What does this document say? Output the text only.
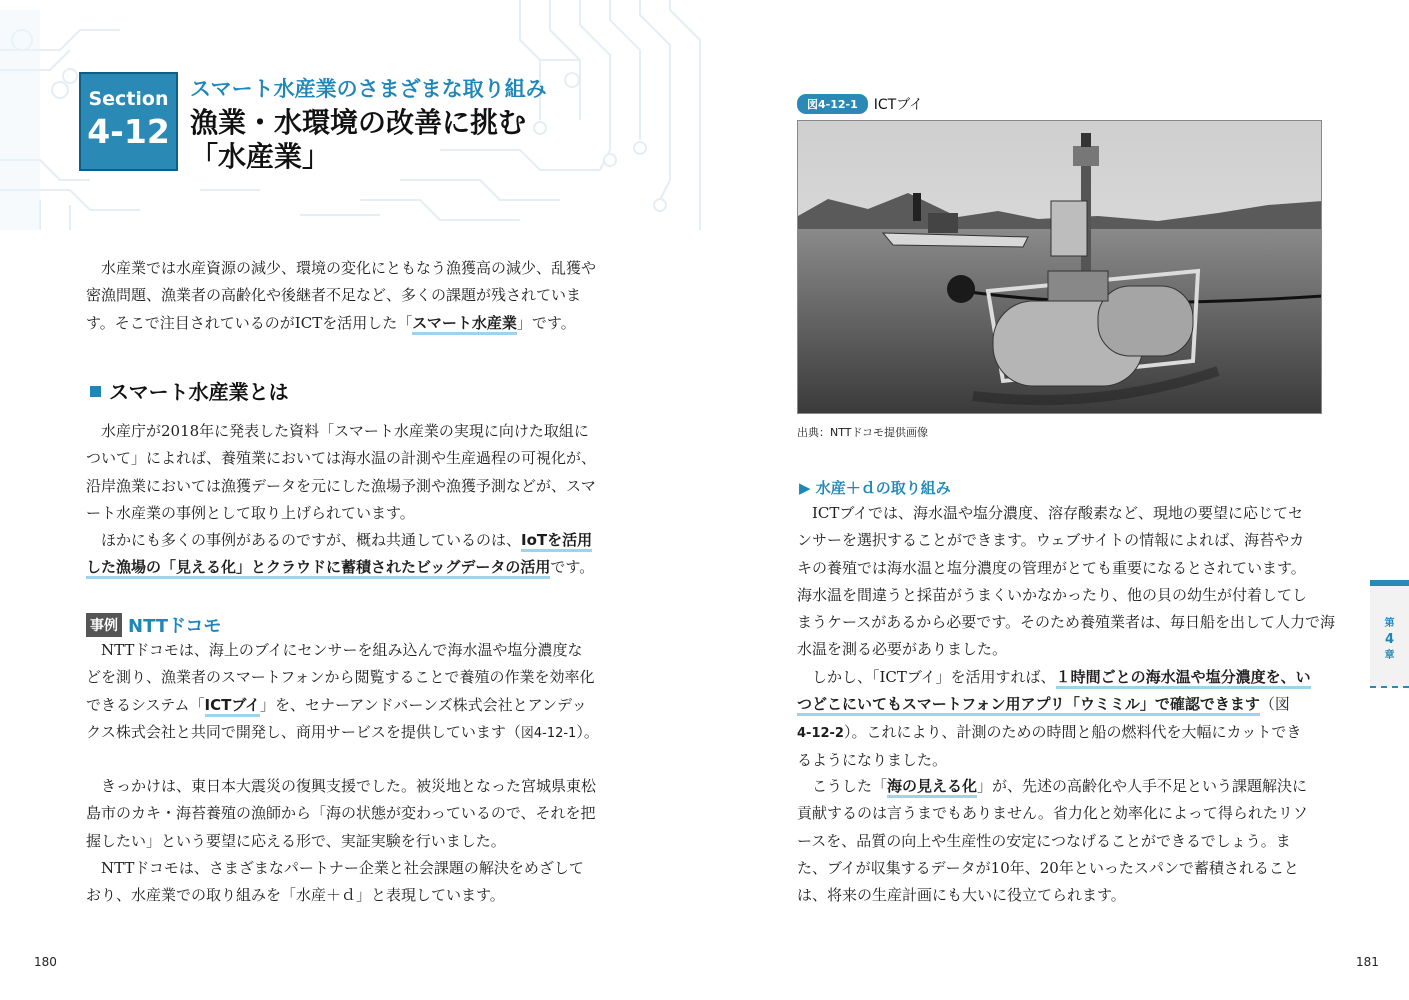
Section
4-12
スマート水産業のさまざまな取り組み
漁業・水環境の改善に挑む
「水産業」
　水産業では水産資源の減少、環境の変化にともなう漁獲高の減少、乱獲や
密漁問題、漁業者の高齢化や後継者不足など、多くの課題が残されていま
す。そこで注目されているのがICTを活用した「スマート水産業」です。
スマート水産業とは
　水産庁が2018年に発表した資料「スマート水産業の実現に向けた取組に
ついて」によれば、養殖業においては海水温の計測や生産過程の可視化が、
沿岸漁業においては漁獲データを元にした漁場予測や漁獲予測などが、スマ
ート水産業の事例として取り上げられています。
　ほかにも多くの事例があるのですが、概ね共通しているのは、IoTを活用
した漁場の「見える化」とクラウドに蓄積されたビッグデータの活用です。
事例 NTTドコモ
　NTTドコモは、海上のブイにセンサーを組み込んで海水温や塩分濃度な
どを測り、漁業者のスマートフォンから閲覧することで養殖の作業を効率化
できるシステム「ICTブイ」を、セナーアンドバーンズ株式会社とアンデッ
クス株式会社と共同で開発し、商用サービスを提供しています（図4-12-1）。
　きっかけは、東日本大震災の復興支援でした。被災地となった宮城県東松
島市のカキ・海苔養殖の漁師から「海の状態が変わっているので、それを把
握したい」という要望に応える形で、実証実験を行いました。
　NTTドコモは、さまざまなパートナー企業と社会課題の解決をめざして
おり、水産業での取り組みを「水産＋ｄ」と表現しています。
180
図4-12-1 ICTブイ
出典：NTTドコモ提供画像
▶ 水産＋ｄの取り組み
　ICTブイでは、海水温や塩分濃度、溶存酸素など、現地の要望に応じてセ
ンサーを選択することができます。ウェブサイトの情報によれば、海苔やカ
キの養殖では海水温と塩分濃度の管理がとても重要になるとされています。
海水温を間違うと採苗がうまくいかなかったり、他の貝の幼生が付着してし
まうケースがあるから必要です。そのため養殖業者は、毎日船を出して人力で海
水温を測る必要がありました。
　しかし、「ICTブイ」を活用すれば、１時間ごとの海水温や塩分濃度を、い
つどこにいてもスマートフォン用アプリ「ウミミル」で確認できます（図
4-12-2）。これにより、計測のための時間と船の燃料代を大幅にカットでき
るようになりました。
　こうした「海の見える化」が、先述の高齢化や人手不足という課題解決に
貢献するのは言うまでもありません。省力化と効率化によって得られたリソ
ースを、品質の向上や生産性の安定につなげることができるでしょう。ま
た、ブイが収集するデータが10年、20年といったスパンで蓄積されること
は、将来の生産計画にも大いに役立てられます。
第
4
章
181
